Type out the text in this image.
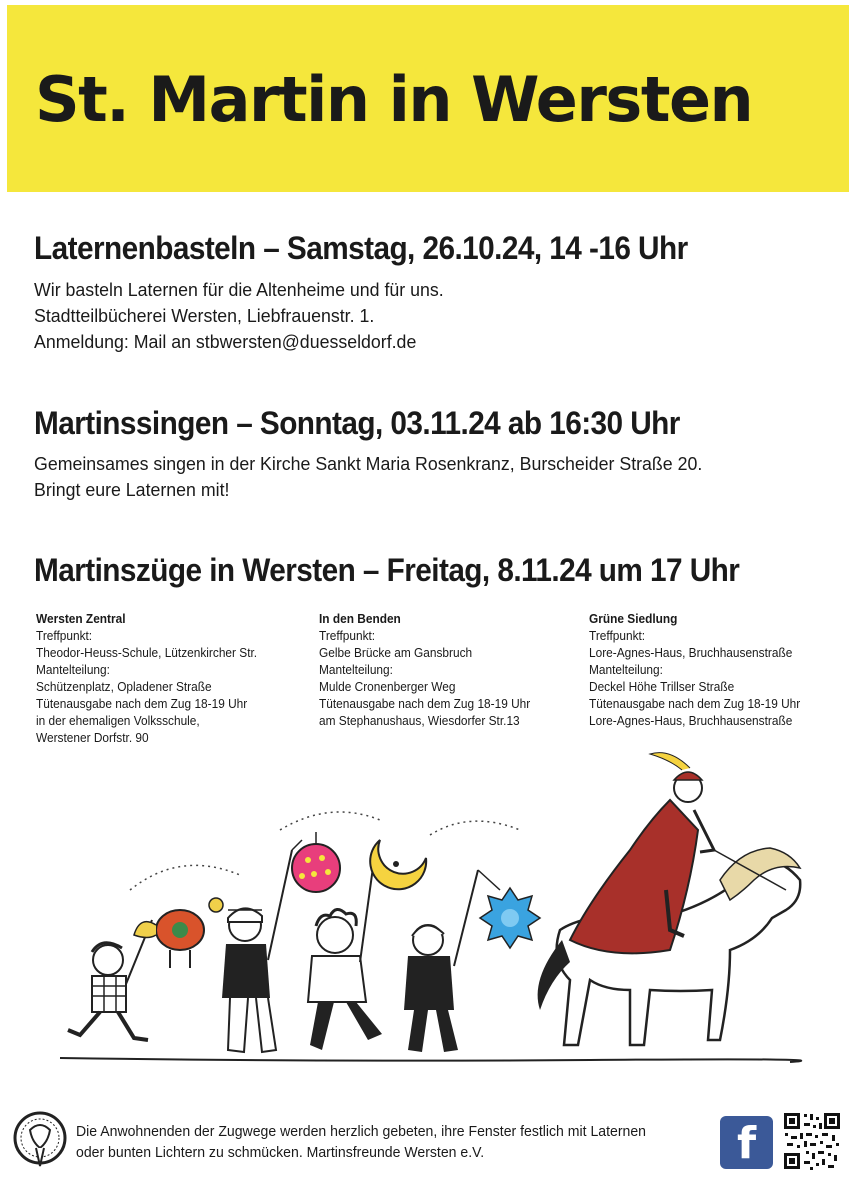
St. Martin in Wersten
Laternenbasteln – Samstag, 26.10.24, 14 -16 Uhr

Wir basteln Laternen für die Altenheime und für uns.

Stadtteilbücherei Wersten, Liebfrauenstr. 1.

Anmeldung: Mail an stbwersten@duesseldorf.de

Martinssingen – Sonntag, 03.11.24 ab 16:30 Uhr

Gemeinsames singen in der Kirche Sankt Maria Rosenkranz, Burscheider Straße 20.

Bringt eure Laternen mit!

Martinszüge in Wersten – Freitag, 8.11.24 um 17 Uhr
Wersten Zentral
Treffpunkt:
Theodor-Heuss-Schule, Lützenkircher Str.
Mantelteilung:
Schützenplatz, Opladener Straße
Tütenausgabe nach dem Zug 18-19 Uhr
in der ehemaligen Volksschule,
Werstener Dorfstr. 90
In den Benden
Treffpunkt:
Gelbe Brücke am Gansbruch
Mantelteilung:
Mulde Cronenberger Weg
Tütenausgabe nach dem Zug 18-19 Uhr
am Stephanushaus, Wiesdorfer Str.13
Grüne Siedlung
Treffpunkt:
Lore-Agnes-Haus, Bruchhausenstraße
Mantelteilung:
Deckel Höhe Trillser Straße
Tütenausgabe nach dem Zug 18-19 Uhr
Lore-Agnes-Haus, Bruchhausenstraße
Die Anwohnenden der Zugwege werden herzlich gebeten, ihre Fenster festlich mit Laternen
oder bunten Lichtern zu schmücken. Martinsfreunde Wersten e.V.	f
